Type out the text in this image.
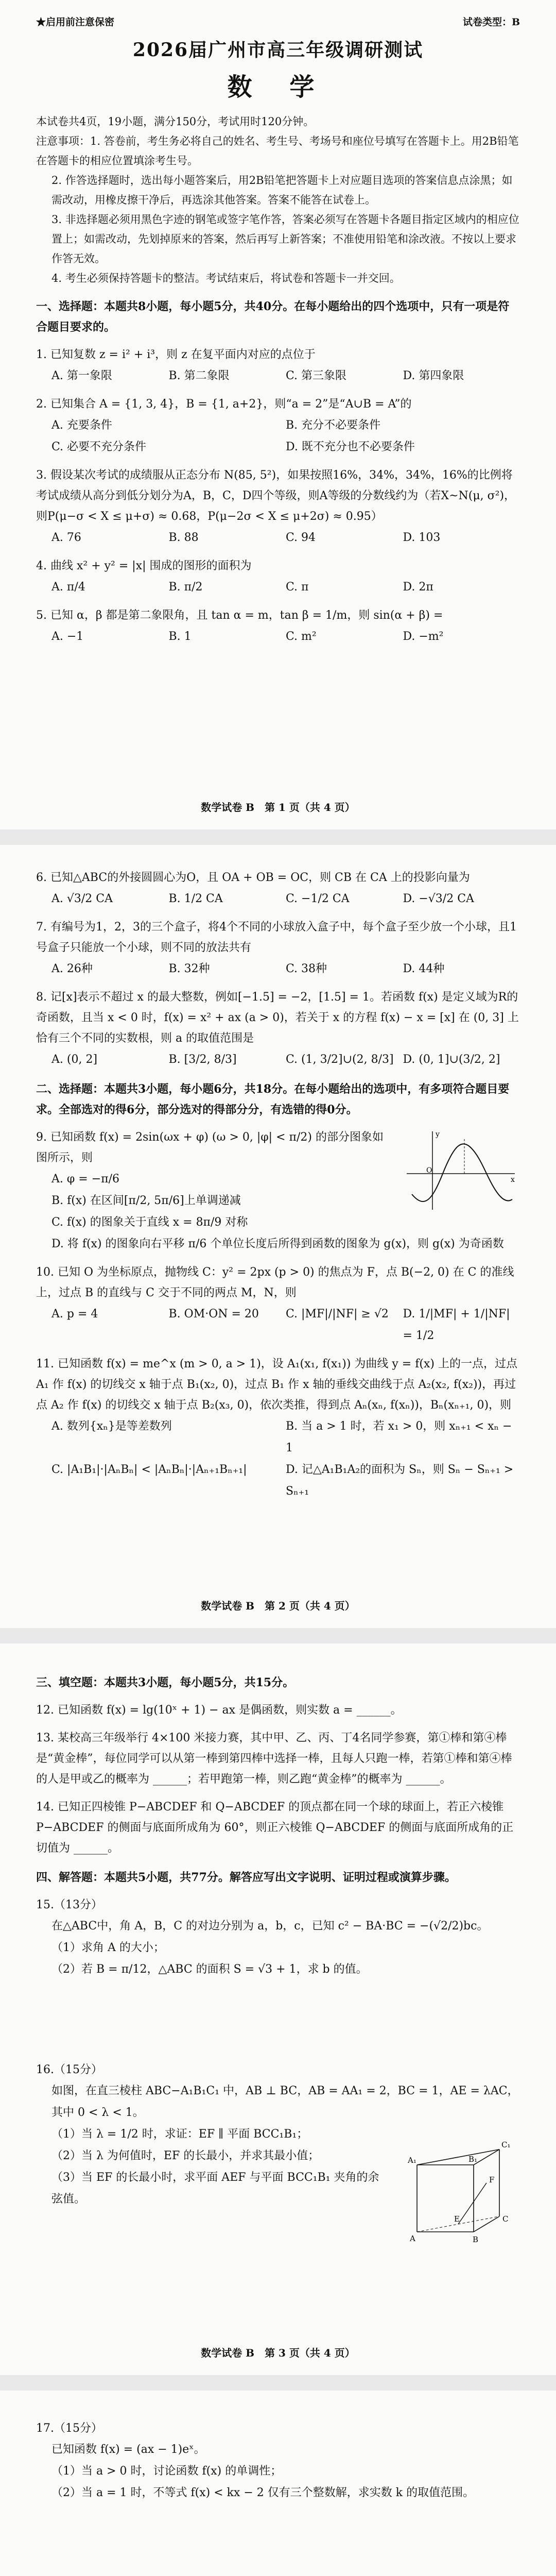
★启用前注意保密	试卷类型：B
2026届广州市高三年级调研测试
数 学
本试卷共4页，19小题，满分150分，考试用时120分钟。
注意事项：1. 答卷前，考生务必将自己的姓名、考生号、考场号和座位号填写在答题卡上。用2B铅笔在答题卡的相应位置填涂考生号。
2. 作答选择题时，选出每小题答案后，用2B铅笔把答题卡上对应题目选项的答案信息点涂黑；如需改动，用橡皮擦干净后，再选涂其他答案。答案不能答在试卷上。
3. 非选择题必须用黑色字迹的钢笔或签字笔作答，答案必须写在答题卡各题目指定区域内的相应位置上；如需改动，先划掉原来的答案，然后再写上新答案；不准使用铅笔和涂改液。不按以上要求作答无效。
4. 考生必须保持答题卡的整洁。考试结束后，将试卷和答题卡一并交回。
一、选择题：本题共8小题，每小题5分，共40分。在每小题给出的四个选项中，只有一项是符合题目要求的。
1. 已知复数 z = i² + i³，则 z 在复平面内对应的点位于
A. 第一象限	B. 第二象限	C. 第三象限	D. 第四象限
2. 已知集合 A = {1, 3, 4}，B = {1, a+2}，则“a = 2”是“A∪B = A”的
A. 充要条件	B. 充分不必要条件
C. 必要不充分条件	D. 既不充分也不必要条件
3. 假设某次考试的成绩服从正态分布 N(85, 5²)，如果按照16%，34%，34%，16%的比例将考试成绩从高分到低分划分为A，B，C，D四个等级，则A等级的分数线约为（若X~N(μ, σ²)，则P(μ−σ < X ≤ μ+σ) ≈ 0.68，P(μ−2σ < X ≤ μ+2σ) ≈ 0.95）
A. 76	B. 88	C. 94	D. 103
4. 曲线 x² + y² = |x| 围成的图形的面积为
A. π/4	B. π/2	C. π	D. 2π
5. 已知 α，β 都是第二象限角，且 tan α = m，tan β = 1/m，则 sin(α + β) =
A. −1	B. 1	C. m²	D. −m²
数学试卷 B　第 1 页（共 4 页）
6. 已知△ABC的外接圆圆心为O，且 OA + OB = OC，则 CB 在 CA 上的投影向量为
A. √3/2 CA	B. 1/2 CA	C. −1/2 CA	D. −√3/2 CA
7. 有编号为1，2，3的三个盒子，将4个不同的小球放入盒子中，每个盒子至少放一个小球，且1号盒子只能放一个小球，则不同的放法共有
A. 26种	B. 32种	C. 38种	D. 44种
8. 记[x]表示不超过 x 的最大整数，例如[−1.5] = −2，[1.5] = 1。若函数 f(x) 是定义域为R的奇函数，且当 x < 0 时，f(x) = x² + ax (a > 0)，若关于 x 的方程 f(x) − x = [x] 在 (0, 3] 上恰有三个不同的实数根，则 a 的取值范围是
A. (0, 2]	B. [3/2, 8/3]	C. (1, 3/2]∪(2, 8/3] D. (0, 1]∪(3/2, 2]
二、选择题：本题共3小题，每小题6分，共18分。在每小题给出的选项中，有多项符合题目要求。全部选对的得6分，部分选对的得部分分，有选错的得0分。
9. 已知函数 f(x) = 2sin(ωx + φ) (ω > 0, |φ| < π/2) 的部分图象如图所示，则
O
x
y
A. φ = −π/6
B. f(x) 在区间[π/2, 5π/6]上单调递减
C. f(x) 的图象关于直线 x = 8π/9 对称
D. 将 f(x) 的图象向右平移 π/6 个单位长度后所得到函数的图象为 g(x)，则 g(x) 为奇函数
10. 已知 O 为坐标原点，抛物线 C：y² = 2px (p > 0) 的焦点为 F，点 B(−2, 0) 在 C 的准线上，过点 B 的直线与 C 交于不同的两点 M，N，则
A. p = 4	B. OM·ON = 20	C. |MF|/|NF| ≥ √2	D. 1/|MF| + 1/|NF| = 1/2
11. 已知函数 f(x) = me^x (m > 0, a > 1)，设 A₁(x₁, f(x₁)) 为曲线 y = f(x) 上的一点，过点 A₁ 作 f(x) 的切线交 x 轴于点 B₁(x₂, 0)，过点 B₁ 作 x 轴的垂线交曲线于点 A₂(x₂, f(x₂))，再过点 A₂ 作 f(x) 的切线交 x 轴于点 B₂(x₃, 0)，依次类推，得到点 Aₙ(xₙ, f(xₙ))，Bₙ(xₙ₊₁, 0)，则
A. 数列{xₙ}是等差数列	B. 当 a > 1 时，若 x₁ > 0，则 xₙ₊₁ < xₙ − 1
C. |A₁B₁|·|AₙBₙ| < |AₙBₙ|·|Aₙ₊₁Bₙ₊₁|	D. 记△A₁B₁A₂的面积为 Sₙ，则 Sₙ − Sₙ₊₁ > Sₙ₊₁
数学试卷 B　第 2 页（共 4 页）
三、填空题：本题共3小题，每小题5分，共15分。
12. 已知函数 f(x) = lg(10ˣ + 1) − ax 是偶函数，则实数 a = ______。
13. 某校高三年级举行 4×100 米接力赛，其中甲、乙、丙、丁4名同学参赛，第①棒和第④棒是“黄金棒”，每位同学可以从第一棒到第四棒中选择一棒，且每人只跑一棒，若第①棒和第④棒的人是甲或乙的概率为 ______；若甲跑第一棒，则乙跑“黄金棒”的概率为 ______。
14. 已知正四棱锥 P−ABCDEF 和 Q−ABCDEF 的顶点都在同一个球的球面上，若正六棱锥 P−ABCDEF 的侧面与底面所成角为 60°，则正六棱锥 Q−ABCDEF 的侧面与底面所成角的正切值为 ______。
四、解答题：本题共5小题，共77分。解答应写出文字说明、证明过程或演算步骤。
15.（13分）
在△ABC中，角 A，B，C 的对边分别为 a，b，c，已知 c² − BA·BC = −(√2/2)bc。
（1）求角 A 的大小；
（2）若 B = π/12，△ABC 的面积 S = √3 + 1，求 b 的值。
16.（15分）
如图，在直三棱柱 ABC−A₁B₁C₁ 中，AB ⊥ BC，AB = AA₁ = 2，BC = 1，AE = λAC，其中 0 < λ < 1。
（1）当 λ = 1/2 时，求证：EF ∥ 平面 BCC₁B₁；
（2）当 λ 为何值时，EF 的长最小，并求其最小值；
（3）当 EF 的长最小时，求平面 AEF 与平面 BCC₁B₁ 夹角的余弦值。
A	B
C
A₁	B₁
C₁
E
F
数学试卷 B　第 3 页（共 4 页）
17.（15分）
已知函数 f(x) = (ax − 1)eˣ。
（1）当 a > 0 时，讨论函数 f(x) 的单调性；
（2）当 a = 1 时，不等式 f(x) < kx − 2 仅有三个整数解，求实数 k 的取值范围。
